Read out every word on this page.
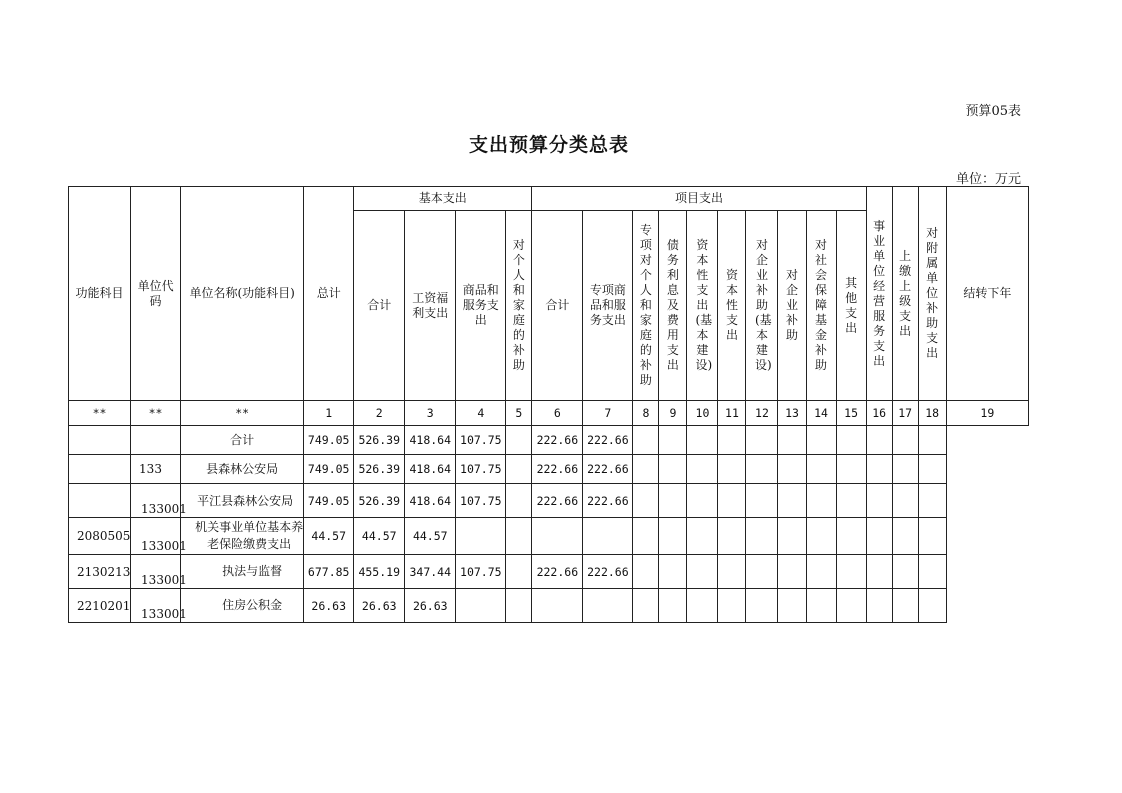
预算05表
支出预算分类总表
单位：万元
功能科目	单位代码	单位名称(功能科目)	总计	基本支出				项目支出										事业单位经营服务支出	上缴上级支出	对附属单位补助支出	结转下年
				合计	工资福利支出	商品和服务支出	对个人和家庭的补助	合计	专项商品和服务支出	专项对个人和家庭的补助	债务利息及费用支出	资本性支出(基本建设)	资本性支出	对企业补助(基本建设)	对企业补助	对社会保障基金补助	其他支出				
**	**	**	1	2	3	4	5	6	7	8	9	10	11	12	13	14	15	16	17	18	19
		合计	749.05	526.39	418.64	107.75		222.66	222.66												
	133	县森林公安局	749.05	526.39	418.64	107.75		222.66	222.66												
	133001	平江县森林公安局	749.05	526.39	418.64	107.75		222.66	222.66												
2080505	133001	机关事业单位基本养老保险缴费支出	44.57	44.57	44.57																
2130213	133001	执法与监督	677.85	455.19	347.44	107.75		222.66	222.66												
2210201	133001	住房公积金	26.63	26.63	26.63																
